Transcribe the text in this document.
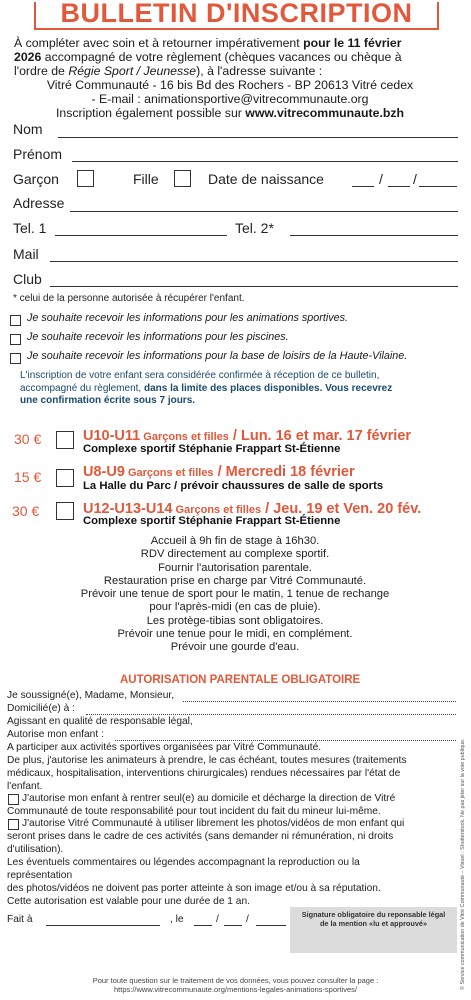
BULLETIN D'INSCRIPTION
À compléter avec soin et à retourner impérativement pour le 11 février
2026 accompagné de votre règlement (chèques vacances ou chèque à
l'ordre de Régie Sport / Jeunesse), à l'adresse suivante :
Vitré Communauté - 16 bis Bd des Rochers - BP 20613 Vitré cedex
- E-mail : animationsportive@vitrecommunaute.org
Inscription également possible sur www.vitrecommunaute.bzh
Nom
Prénom
Garçon	Fille	Date de naissance	/ /
Adresse
Tel. 1	Tel. 2*
Mail
Club
* celui de la personne autorisée à récupérer l'enfant.
Je souhaite recevoir les informations pour les animations sportives.
Je souhaite recevoir les informations pour les piscines.
Je souhaite recevoir les informations pour la base de loisirs de la Haute-Vilaine.
L'inscription de votre enfant sera considérée confirmée à réception de ce bulletin,
accompagné du règlement, dans la limite des places disponibles. Vous recevrez
une confirmation écrite sous 7 jours.
30 €	U10-U11 Garçons et filles / Lun. 16 et mar. 17 février
Complexe sportif Stéphanie Frappart St-Étienne
15 €	U8-U9 Garçons et filles / Mercredi 18 février
La Halle du Parc / prévoir chaussures de salle de sports
30 €	U12-U13-U14 Garçons et filles / Jeu. 19 et Ven. 20 fév.
Complexe sportif Stéphanie Frappart St-Étienne
Accueil à 9h fin de stage à 16h30.
RDV directement au complexe sportif.
Fournir l'autorisation parentale.
Restauration prise en charge par Vitré Communauté.
Prévoir une tenue de sport pour le matin, 1 tenue de rechange
pour l'après-midi (en cas de pluie).
Les protège-tibias sont obligatoires.
Prévoir une tenue pour le midi, en complément.
Prévoir une gourde d'eau.
AUTORISATION PARENTALE OBLIGATOIRE
Je soussigné(e), Madame, Monsieur,
Domicilié(e) à :
Agissant en qualité de responsable légal,
Autorise mon enfant :
A participer aux activités sportives organisées par Vitré Communauté.
De plus, j'autorise les animateurs à prendre, le cas échéant, toutes mesures (traitements
médicaux, hospitalisation, interventions chirurgicales) rendues nécessaires par l'état de
l'enfant.
J'autorise mon enfant à rentrer seul(e) au domicile et décharge la direction de Vitré
Communauté de toute responsabilité pour tout incident du fait du mineur lui-même.
J'autorise Vitré Communauté à utiliser librement les photos/vidéos de mon enfant qui
seront prises dans le cadre de ces activités (sans demander ni rémunération, ni droits
d'utilisation).
Les éventuels commentaires ou légendes accompagnant la reproduction ou la
représentation
des photos/vidéos ne doivent pas porter atteinte à son image et/ou à sa réputation.
Cette autorisation est valable pour une durée de 1 an.
Fait à	, le	/	/	Signature obligatoire du reponsable légal de la mention «lu et approuvé»
Pour toute question sur le traitement de vos données, vous pouvez consulter la page :
https://www.vitrecommunaute.org/mentions-legales-animations-sportives/	© Service communication de Vitré Communauté – Visuel : Shutterstock. Ne pas jeter sur la voie publique.
